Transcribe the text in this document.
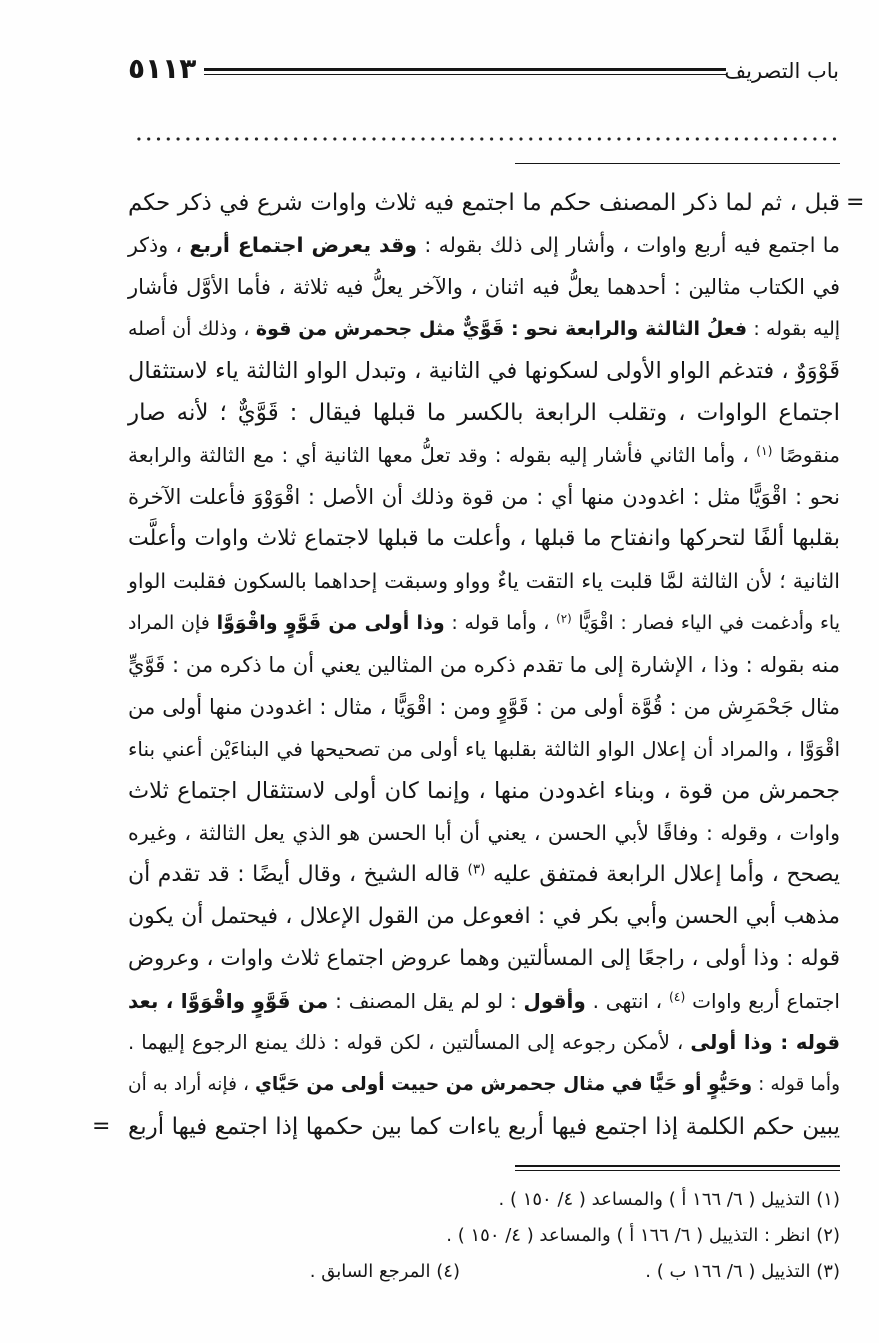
باب التصريف
٥١١٣
=
قبل ، ثم لما ذكر المصنف حكم ما اجتمع فيه ثلاث واوات شرع في ذكر حكم
ما اجتمع فيه أربع واوات ، وأشار إلى ذلك بقوله : وقد يعرض اجتماع أربع ، وذكر
في الكتاب مثالين : أحدهما يعلُّ فيه اثنان ، والآخر يعلُّ فيه ثلاثة ، فأما الأوَّل فأشار
إليه بقوله : فعلُ الثالثة والرابعة نحو : قَوَّيٌّ مثل جحمرش من قوة ، وذلك أن أصله
قَوْوَوٌ ، فتدغم الواو الأولى لسكونها في الثانية ، وتبدل الواو الثالثة ياء لاستثقال
اجتماع الواوات ، وتقلب الرابعة بالكسر ما قبلها فيقال : قَوَّيٌّ ؛ لأنه صار
منقوصًا $^{(١)}$ ، وأما الثاني فأشار إليه بقوله : وقد تعلُّ معها الثانية أي : مع الثالثة والرابعة
نحو : اقْوَيًّا مثل : اغدودن منها أي : من قوة وذلك أن الأصل : اقْوَوْوَ فأعلت الآخرة
بقلبها ألفًا لتحركها وانفتاح ما قبلها ، وأعلت ما قبلها لاجتماع ثلاث واوات وأعلَّت
الثانية ؛ لأن الثالثة لمَّا قلبت ياء التقت ياءٌ وواو وسبقت إحداهما بالسكون فقلبت الواو
ياء وأدغمت في الياء فصار : اقْوَيًّا $^{(٢)}$ ، وأما قوله : وذا أولى من قَوَّوٍ واقْوَوَّا فإن المراد
منه بقوله : وذا ، الإشارة إلى ما تقدم ذكره من المثالين يعني أن ما ذكره من : قَوَّيٍّ
مثال جَحْمَرِش من : قُوَّة أولى من : قَوَّوٍ ومن : اقْوَيًّا ، مثال : اغدودن منها أولى من
اقْوَوَّا ، والمراد أن إعلال الواو الثالثة بقلبها ياء أولى من تصحيحها في البناءَيْن أعني بناء
جحمرش من قوة ، وبناء اغدودن منها ، وإنما كان أولى لاستثقال اجتماع ثلاث
واوات ، وقوله : وفاقًا لأبي الحسن ، يعني أن أبا الحسن هو الذي يعل الثالثة ، وغيره
يصحح ، وأما إعلال الرابعة فمتفق عليه $^{(٣)}$ قاله الشيخ ، وقال أيضًا : قد تقدم أن
مذهب أبي الحسن وأبي بكر في : افعوعل من القول الإعلال ، فيحتمل أن يكون
قوله : وذا أولى ، راجعًا إلى المسألتين وهما عروض اجتماع ثلاث واوات ، وعروض
اجتماع أربع واوات $^{(٤)}$ ، انتهى . وأقول : لو لم يقل المصنف : من قَوَّوٍ واقْوَوَّا ، بعد
قوله : وذا أولى ، لأمكن رجوعه إلى المسألتين ، لكن قوله : ذلك يمنع الرجوع إليهما .
وأما قوله : وحَيُّوٍ أو حَيًّا في مثال جحمرش من حييت أولى من حَيَّاي ، فإنه أراد به أن
يبين حكم الكلمة إذا اجتمع فيها أربع ياءات كما بين حكمها إذا اجتمع فيها أربع
=
(١) التذييل ( ٦/ ١٦٦ أ ) والمساعد ( ٤/ ١٥٠ ) .
(٢) انظر : التذييل ( ٦/ ١٦٦ أ ) والمساعد ( ٤/ ١٥٠ ) .
(٣) التذييل ( ٦/ ١٦٦ ب ) .(٤) المرجع السابق .
